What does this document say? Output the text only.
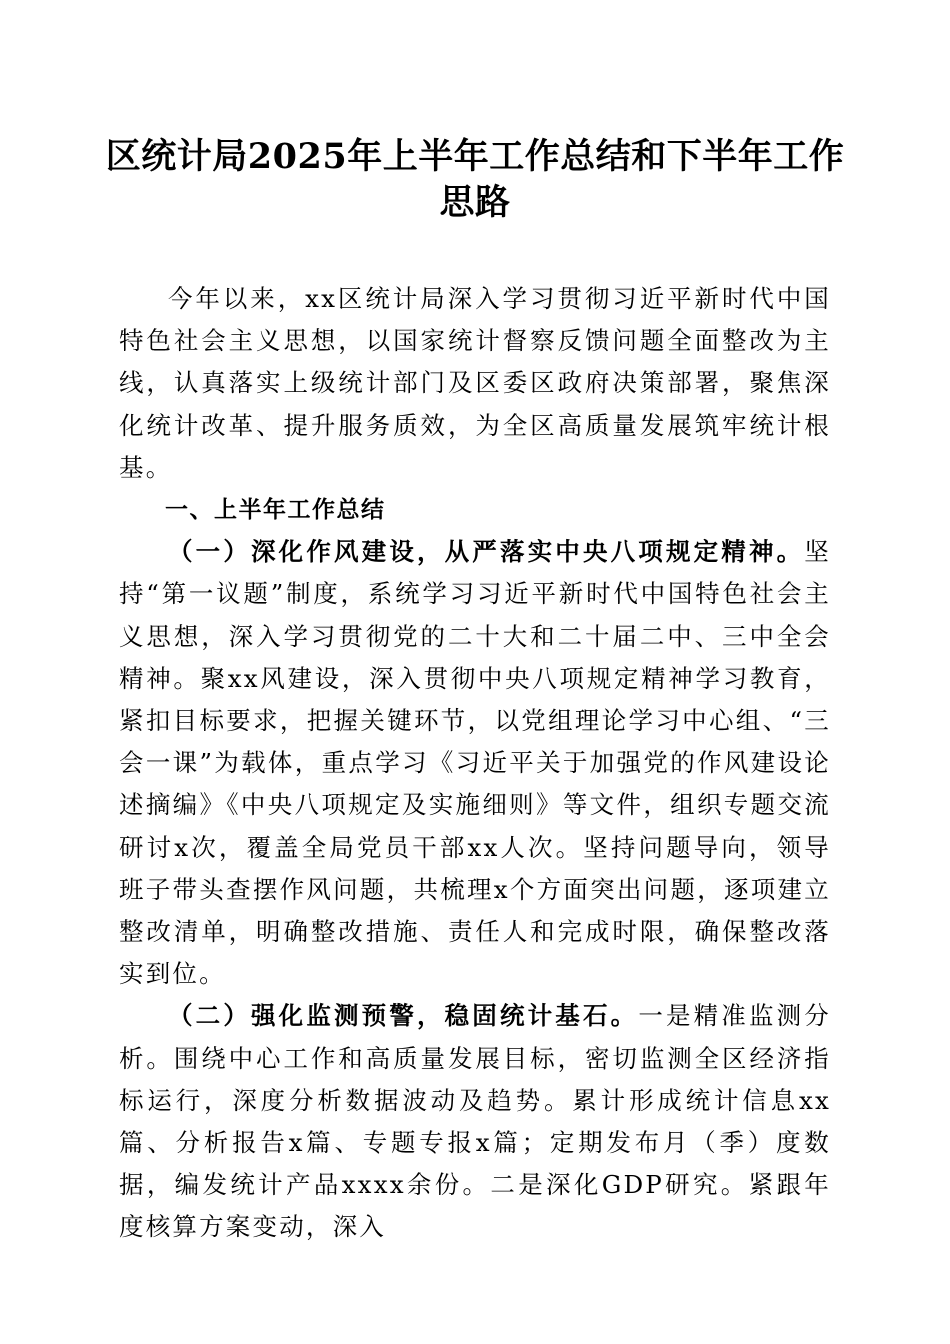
区统计局2025年上半年工作总结和下半年工作思路

今年以来，xx区统计局深入学习贯彻习近平新时代中国特色社会主义思想，以国家统计督察反馈问题全面整改为主线，认真落实上级统计部门及区委区政府决策部署，聚焦深化统计改革、提升服务质效，为全区高质量发展筑牢统计根基。

一、上半年工作总结

（一）深化作风建设，从严落实中央八项规定精神。坚持“第一议题”制度，系统学习习近平新时代中国特色社会主义思想，深入学习贯彻党的二十大和二十届二中、三中全会精神。聚xx风建设，深入贯彻中央八项规定精神学习教育，紧扣目标要求，把握关键环节，以党组理论学习中心组、“三会一课”为载体，重点学习《习近平关于加强党的作风建设论述摘编》《中央八项规定及实施细则》等文件，组织专题交流研讨x次，覆盖全局党员干部xx人次。坚持问题导向，领导班子带头查摆作风问题，共梳理x个方面突出问题，逐项建立整改清单，明确整改措施、责任人和完成时限，确保整改落实到位。

（二）强化监测预警，稳固统计基石。一是精准监测分析。围绕中心工作和高质量发展目标，密切监测全区经济指标运行，深度分析数据波动及趋势。累计形成统计信息xx篇、分析报告x篇、专题专报x篇；定期发布月（季）度数据，编发统计产品xxxx余份。二是深化GDP研究。紧跟年度核算方案变动，深入
